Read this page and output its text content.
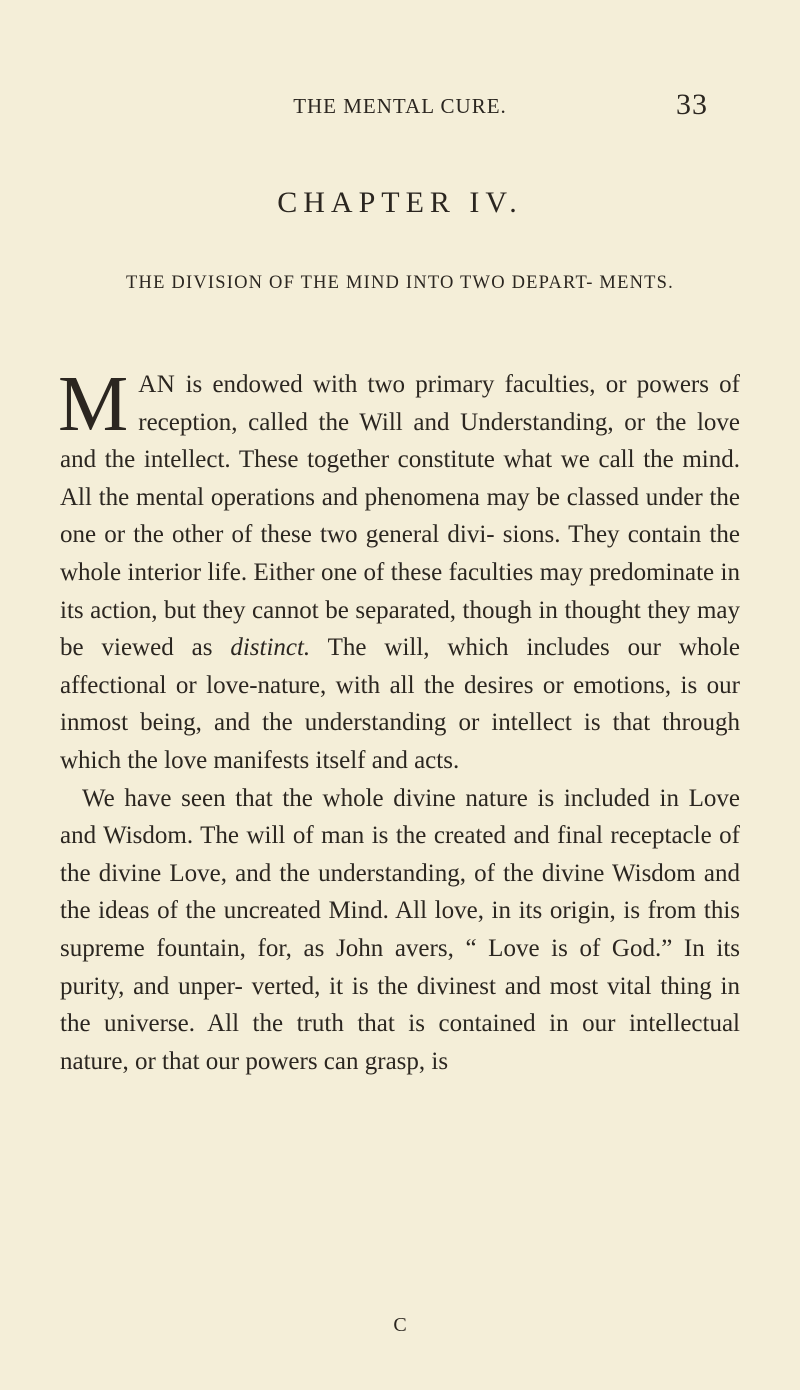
THE MENTAL CURE.	33
CHAPTER IV.
THE DIVISION OF THE MIND INTO TWO DEPART- MENTS.

MAN is endowed with two primary faculties, or powers of reception, called the Will and Understanding, or the love and the intellect. These together constitute what we call the mind. All the mental operations and phenomena may be classed under the one or the other of these two general divi- sions. They contain the whole interior life. Either one of these faculties may predominate in its action, but they cannot be separated, though in thought they may be viewed as distinct. The will, which includes our whole affectional or love-nature, with all the desires or emotions, is our inmost being, and the understanding or intellect is that through which the love manifests itself and acts.

We have seen that the whole divine nature is included in Love and Wisdom. The will of man is the created and final receptacle of the divine Love, and the understanding, of the divine Wisdom and the ideas of the uncreated Mind. All love, in its origin, is from this supreme fountain, for, as John avers, “ Love is of God.” In its purity, and unper- verted, it is the divinest and most vital thing in the universe. All the truth that is contained in our intellectual nature, or that our powers can grasp, is

C
